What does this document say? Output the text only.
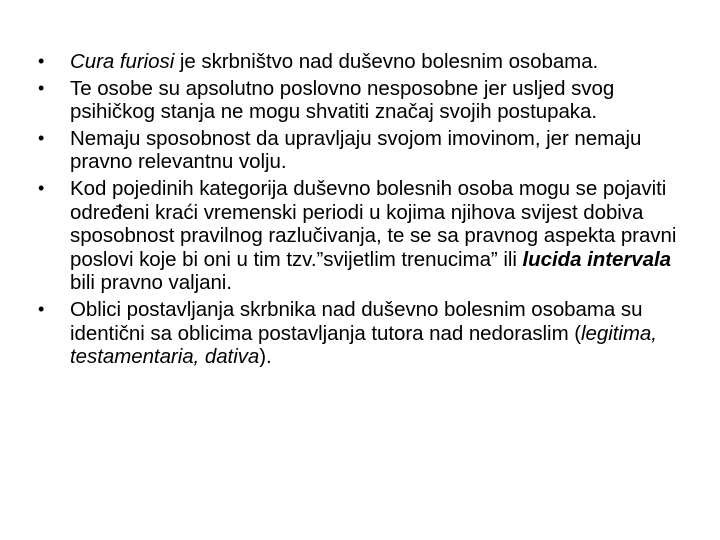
• Cura furiosi je skrbništvo nad duševno bolesnim osobama.
• Te osobe su apsolutno poslovno nesposobne jer usljed svog psihičkog stanja ne mogu shvatiti značaj svojih postupaka.
• Nemaju sposobnost da upravljaju svojom imovinom, jer nemaju pravno relevantnu volju.
• Kod pojedinih kategorija duševno bolesnih osoba mogu se pojaviti određeni kraći vremenski periodi u kojima njihova svijest dobiva sposobnost pravilnog razlučivanja, te se sa pravnog aspekta pravni poslovi koje bi oni u tim tzv.”svijetlim trenucima” ili lucida intervala bili pravno valjani.
• Oblici postavljanja skrbnika nad duševno bolesnim osobama su identični sa oblicima postavljanja tutora nad nedoraslim (legitima, testamentaria, dativa).
